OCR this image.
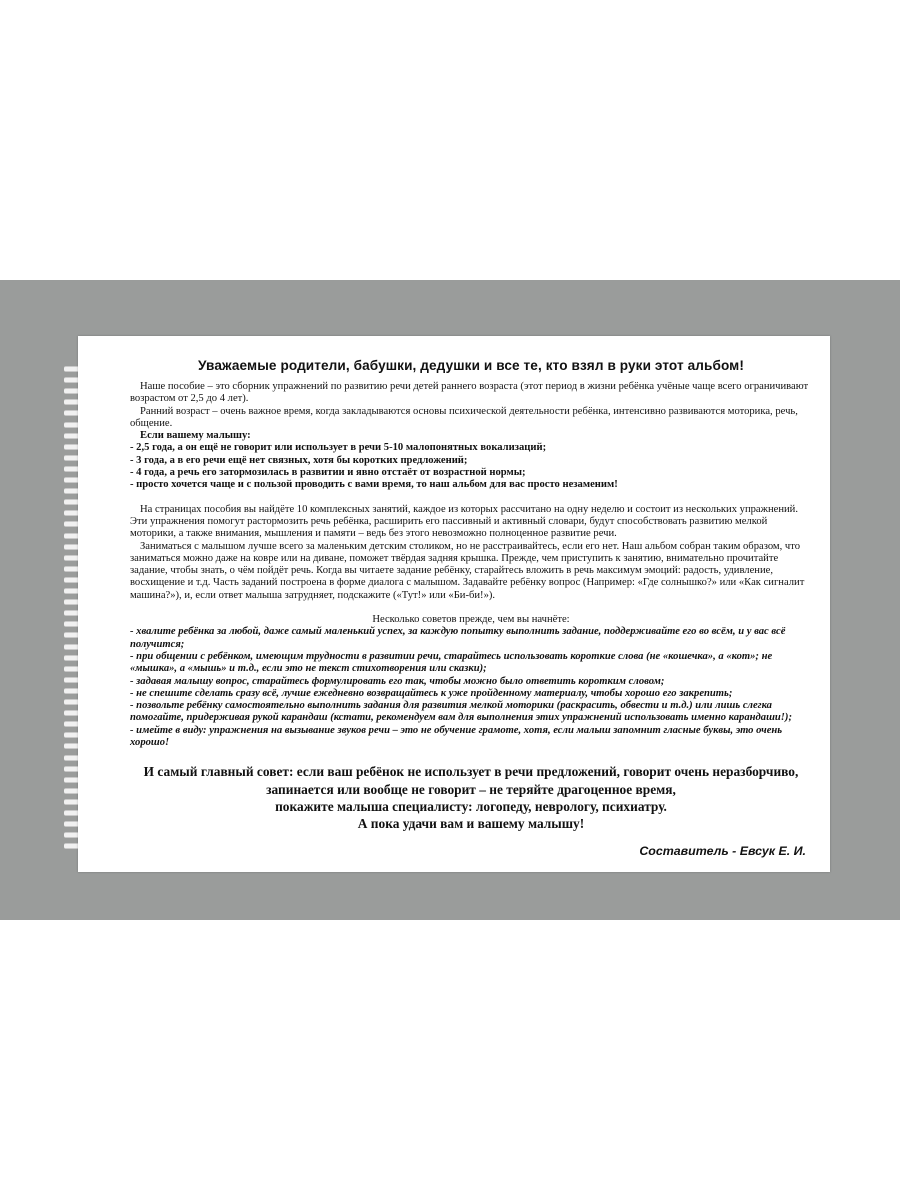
Уважаемые родители, бабушки, дедушки и все те, кто взял в руки этот альбом!

Наше пособие – это сборник упражнений по развитию речи детей раннего возраста (этот период в жизни ребёнка учёные чаще всего ограничивают возрастом от 2,5 до 4 лет).

Ранний возраст – очень важное время, когда закладываются основы психической деятельности ребёнка, интенсивно развиваются моторика, речь, общение.

Если вашему малышу:

- 2,5 года, а он ещё не говорит или использует в речи 5-10 малопонятных вокализаций;

- 3 года, а в его речи ещё нет связных, хотя бы коротких предложений;

- 4 года, а речь его затормозилась в развитии и явно отстаёт от возрастной нормы;

- просто хочется чаще и с пользой проводить с вами время, то наш альбом для вас просто незаменим!

На страницах пособия вы найдёте 10 комплексных занятий, каждое из которых рассчитано на одну неделю и состоит из нескольких упражнений. Эти упражнения помогут растормозить речь ребёнка, расширить его пассивный и активный словари, будут способствовать развитию мелкой моторики, а также внимания, мышления и памяти – ведь без этого невозможно полноценное развитие речи.

Заниматься с малышом лучше всего за маленьким детским столиком, но не расстраивайтесь, если его нет. Наш альбом собран таким образом, что заниматься можно даже на ковре или на диване, поможет твёрдая задняя крышка. Прежде, чем приступить к занятию, внимательно прочитайте задание, чтобы знать, о чём пойдёт речь. Когда вы читаете задание ребёнку, старайтесь вложить в речь максимум эмоций: радость, удивление, восхищение и т.д. Часть заданий построена в форме диалога с малышом. Задавайте ребёнку вопрос (Например: «Где солнышко?» или «Как сигналит машина?»), и, если ответ малыша затрудняет, подскажите («Тут!» или «Би-би!»).

Несколько советов прежде, чем вы начнёте:

- хвалите ребёнка за любой, даже самый маленький успех, за каждую попытку выполнить задание, поддерживайте его во всём, и у вас всё получится;

- при общении с ребёнком, имеющим трудности в развитии речи, старайтесь использовать короткие слова (не «кошечка», а «кот»; не «мышка», а «мышь» и т.д., если это не текст стихотворения или сказки);

- задавая малышу вопрос, старайтесь формулировать его так, чтобы можно было ответить коротким словом;

- не спешите сделать сразу всё, лучше ежедневно возвращайтесь к уже пройденному материалу, чтобы хорошо его закрепить;

- позвольте ребёнку самостоятельно выполнить задания для развития мелкой моторики (раскрасить, обвести и т.д.) или лишь слегка помогайте, придерживая рукой карандаш (кстати, рекомендуем вам для выполнения этих упражнений использовать именно карандаши!);

- имейте в виду: упражнения на вызывание звуков речи – это не обучение грамоте, хотя, если малыш запомнит гласные буквы, это очень хорошо!

И самый главный совет: если ваш ребёнок не использует в речи предложений, говорит очень неразборчиво, запинается или вообще не говорит – не теряйте драгоценное время,
покажите малыша специалисту: логопеду, неврологу, психиатру.
А пока удачи вам и вашему малышу!
Составитель - Евсук Е. И.
